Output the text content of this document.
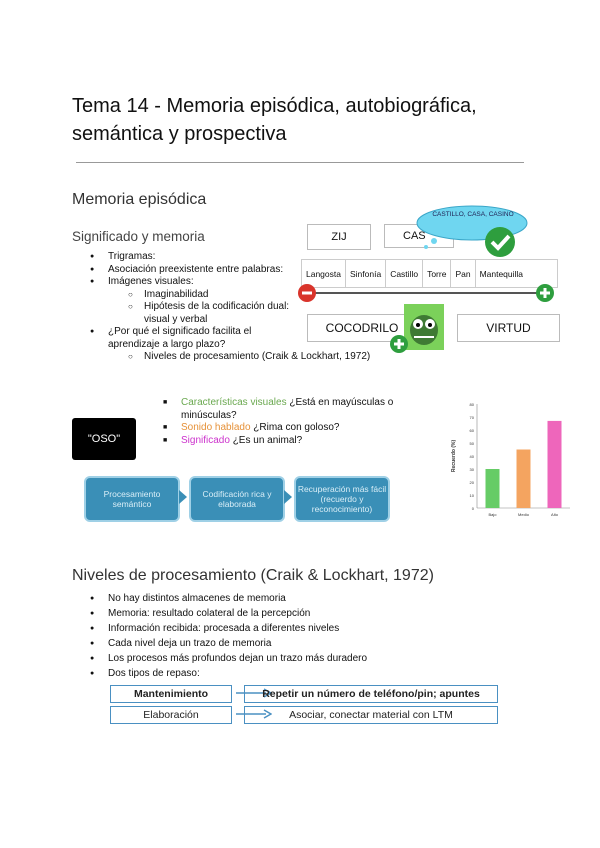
Tema 14 - Memoria episódica, autobiográfica, semántica y prospectiva
Memoria episódica
Significado y memoria
● Trigramas:
● Asociación preexistente entre palabras:
● Imágenes visuales:
○ Imaginabilidad
○ Hipótesis de la codificación dual: visual y verbal
● ¿Por qué el significado facilita el aprendizaje a largo plazo?
○ Niveles de procesamiento (Craik & Lockhart, 1972)
■ Características visuales ¿Está en mayúsculas o minúsculas?
■ Sonido hablado ¿Rima con goloso?
■ Significado ¿Es un animal?
"OSO"
ZIJ	CAS
CASTILLO, CASA, CASINO
Langosta	Sinfonía	Castillo	Torre	Pan	Mantequilla
COCODRILO	VIRTUD
80
70
60
50
40
30
20
10
0
Recuerdo (%)
Bajo	Medio	Alto
Procesamiento semántico
Codificación rica y elaborada
Recuperación más fácil (recuerdo y reconocimiento)
Niveles de procesamiento (Craik & Lockhart, 1972)
● No hay distintos almacenes de memoria
● Memoria: resultado colateral de la percepción
● Información recibida: procesada a diferentes niveles
● Cada nivel deja un trazo de memoria
● Los procesos más profundos dejan un trazo más duradero
● Dos tipos de repaso:
Mantenimiento	Repetir un número de teléfono/pin; apuntes
Elaboración	Asociar, conectar material con LTM
